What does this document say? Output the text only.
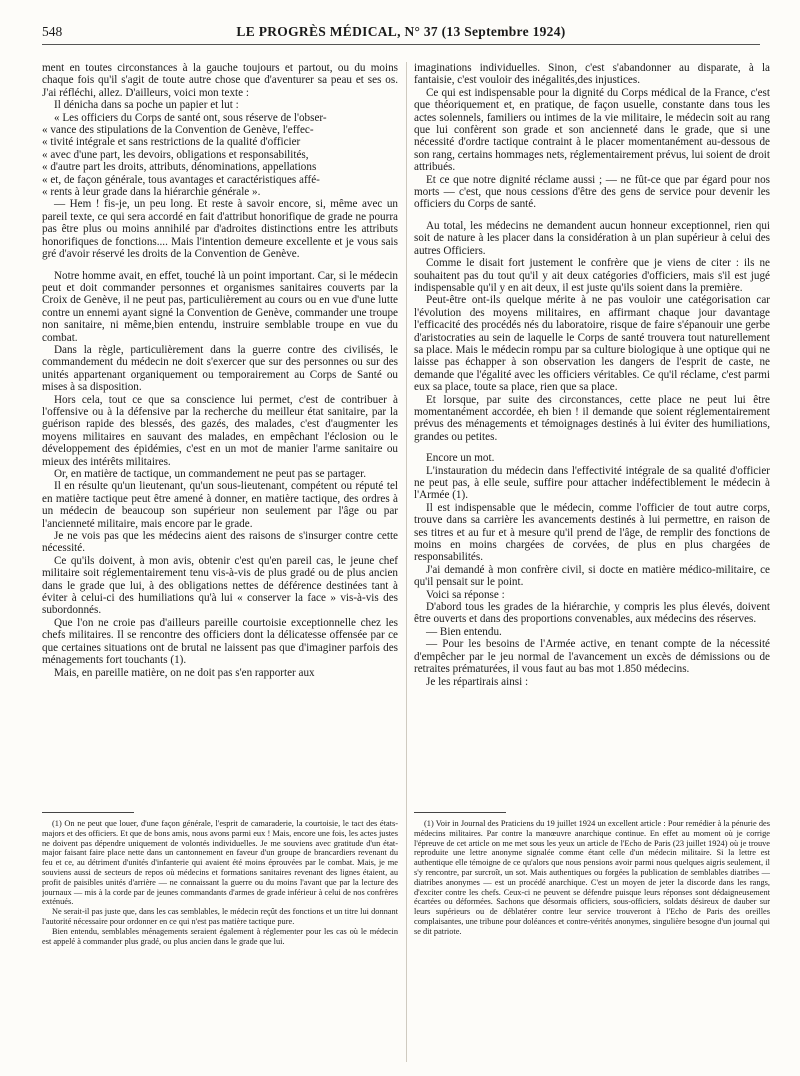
548	LE PROGRÈS MÉDICAL, N° 37 (13 Septembre 1924)

ment en toutes circonstances à la gauche toujours et partout, ou du moins chaque fois qu'il s'agit de toute autre chose que d'aventurer sa peau et ses os. J'ai réfléchi, allez. D'ailleurs, voici mon texte :

Il dénicha dans sa poche un papier et lut :

« Les officiers du Corps de santé ont, sous réserve de l'obser-

« vance des stipulations de la Convention de Genève, l'effec-

« tivité intégrale et sans restrictions de la qualité d'officier

« avec d'une part, les devoirs, obligations et responsabilités,

« d'autre part les droits, attributs, dénominations, appellations

« et, de façon générale, tous avantages et caractéristiques affé-

« rents à leur grade dans la hiérarchie générale ».

— Hem ! fis-je, un peu long. Et reste à savoir encore, si, même avec un pareil texte, ce qui sera accordé en fait d'attribut honorifique de grade ne pourra pas être plus ou moins annihilé par d'adroites distinctions entre les attributs honorifiques de fonctions.... Mais l'intention demeure excellente et je vous sais gré d'avoir réservé les droits de la Convention de Genève.

Notre homme avait, en effet, touché là un point important. Car, si le médecin peut et doit commander personnes et organismes sanitaires couverts par la Croix de Genève, il ne peut pas, particulièrement au cours ou en vue d'une lutte contre un ennemi ayant signé la Convention de Genève, commander une troupe non sanitaire, ni même,bien entendu, instruire semblable troupe en vue du combat.

Dans la règle, particulièrement dans la guerre contre des civilisés, le commandement du médecin ne doit s'exercer que sur des personnes ou sur des unités appartenant organiquement ou temporairement au Corps de Santé ou mises à sa disposition.

Hors cela, tout ce que sa conscience lui permet, c'est de contribuer à l'offensive ou à la défensive par la recherche du meilleur état sanitaire, par la guérison rapide des blessés, des gazés, des malades, c'est d'augmenter les moyens militaires en sauvant des malades, en empêchant l'éclosion ou le développement des épidémies, c'est en un mot de manier l'arme sanitaire ou mieux des intérêts militaires.

Or, en matière de tactique, un commandement ne peut pas se partager.

Il en résulte qu'un lieutenant, qu'un sous-lieutenant, compétent ou réputé tel en matière tactique peut être amené à donner, en matière tactique, des ordres à un médecin de beaucoup son supérieur non seulement par l'âge ou par l'ancienneté militaire, mais encore par le grade.

Je ne vois pas que les médecins aient des raisons de s'insurger contre cette nécessité.

Ce qu'ils doivent, à mon avis, obtenir c'est qu'en pareil cas, le jeune chef militaire soit réglementairement tenu vis-à-vis de plus gradé ou de plus ancien dans le grade que lui, à des obligations nettes de déférence destinées tant à éviter à celui-ci des humiliations qu'à lui « conserver la face » vis-à-vis des subordonnés.

Que l'on ne croie pas d'ailleurs pareille courtoisie exceptionnelle chez les chefs militaires. Il se rencontre des officiers dont la délicatesse offensée par ce que certaines situations ont de brutal ne laissent pas que d'imaginer parfois des ménagements fort touchants (1).

Mais, en pareille matière, on ne doit pas s'en rapporter aux

imaginations individuelles. Sinon, c'est s'abandonner au disparate, à la fantaisie, c'est vouloir des inégalités,des injustices.

Ce qui est indispensable pour la dignité du Corps médical de la France, c'est que théoriquement et, en pratique, de façon usuelle, constante dans tous les actes solennels, familiers ou intimes de la vie militaire, le médecin soit au rang que lui confèrent son grade et son ancienneté dans le grade, que si une nécessité d'ordre tactique contraint à le placer momentanément au-dessous de son rang, certains hommages nets, réglementairement prévus, lui soient de droit attribués.

Et ce que notre dignité réclame aussi ; — ne fût-ce que par égard pour nos morts — c'est, que nous cessions d'être des gens de service pour devenir les officiers du Corps de santé.

Au total, les médecins ne demandent aucun honneur exceptionnel, rien qui soit de nature à les placer dans la considération à un plan supérieur à celui des autres Officiers.

Comme le disait fort justement le confrère que je viens de citer : ils ne souhaitent pas du tout qu'il y ait deux catégories d'officiers, mais s'il est jugé indispensable qu'il y en ait deux, il est juste qu'ils soient dans la première.

Peut-être ont-ils quelque mérite à ne pas vouloir une catégorisation car l'évolution des moyens militaires, en affirmant chaque jour davantage l'efficacité des procédés nés du laboratoire, risque de faire s'épanouir une gerbe d'aristocraties au sein de laquelle le Corps de santé trouvera tout naturellement sa place. Mais le médecin rompu par sa culture biologique à une optique qui ne laisse pas échapper à son observation les dangers de l'esprit de caste, ne demande que l'égalité avec les officiers véritables. Ce qu'il réclame, c'est parmi eux sa place, toute sa place, rien que sa place.

Et lorsque, par suite des circonstances, cette place ne peut lui être momentanément accordée, eh bien ! il demande que soient réglementairement prévus des ménagements et témoignages destinés à lui éviter des humiliations, grandes ou petites.

Encore un mot.

L'instauration du médecin dans l'effectivité intégrale de sa qualité d'officier ne peut pas, à elle seule, suffire pour attacher indéfectiblement le médecin à l'Armée (1).

Il est indispensable que le médecin, comme l'officier de tout autre corps, trouve dans sa carrière les avancements destinés à lui permettre, en raison de ses titres et au fur et à mesure qu'il prend de l'âge, de remplir des fonctions de moins en moins chargées de corvées, de plus en plus chargées de responsabilités.

J'ai demandé à mon confrère civil, si docte en matière médico-militaire, ce qu'il pensait sur le point.

Voici sa réponse :

D'abord tous les grades de la hiérarchie, y compris les plus élevés, doivent être ouverts et dans des proportions convenables, aux médecins des réserves.

— Bien entendu.

— Pour les besoins de l'Armée active, en tenant compte de la nécessité d'empêcher par le jeu normal de l'avancement un excès de démissions ou de retraites prématurées, il vous faut au bas mot 1.850 médecins.

Je les répartirais ainsi :

(1) On ne peut que louer, d'une façon générale, l'esprit de camaraderie, la courtoisie, le tact des états-majors et des officiers. Et que de bons amis, nous avons parmi eux ! Mais, encore une fois, les actes justes ne doivent pas dépendre uniquement de volontés individuelles. Je me souviens avec gratitude d'un état-major faisant faire place nette dans un cantonnement en faveur d'un groupe de brancardiers revenant du feu et ce, au détriment d'unités d'infanterie qui avaient été moins éprouvées par le combat. Mais, je me souviens aussi de secteurs de repos où médecins et formations sanitaires revenant des lignes étaient, au profit de paisibles unités d'arrière — ne connaissant la guerre ou du moins l'avant que par la lecture des journaux — mis à la corde par de jeunes commandants d'armes de grade inférieur à celui de nos confrères exténués.

Ne serait-il pas juste que, dans les cas semblables, le médecin reçût des fonctions et un titre lui donnant l'autorité nécessaire pour ordonner en ce qui n'est pas matière tactique pure.

Bien entendu, semblables ménagements seraient également à réglementer pour les cas où le médecin est appelé à commander plus gradé, ou plus ancien dans le grade que lui.

(1) Voir in Journal des Praticiens du 19 juillet 1924 un excellent article : Pour remédier à la pénurie des médecins militaires. Par contre la manœuvre anarchique continue. En effet au moment où je corrige l'épreuve de cet article on me met sous les yeux un article de l'Echo de Paris (23 juillet 1924) où je trouve reproduite une lettre anonyme signalée comme étant celle d'un médecin militaire. Si la lettre est authentique elle témoigne de ce qu'alors que nous pensions avoir parmi nous quelques aigris seulement, il s'y rencontre, par surcroît, un sot. Mais authentiques ou forgées la publication de semblables diatribes — diatribes anonymes — est un procédé anarchique. C'est un moyen de jeter la discorde dans les rangs, d'exciter contre les chefs. Ceux-ci ne peuvent se défendre puisque leurs réponses sont dédaigneusement écartées ou déformées. Sachons que désormais officiers, sous-officiers, soldats désireux de dauber sur leurs supérieurs ou de déblatérer contre leur service trouveront à l'Echo de Paris des oreilles complaisantes, une tribune pour doléances et contre-vérités anonymes, singulière besogne d'un journal qui se dit patriote.
